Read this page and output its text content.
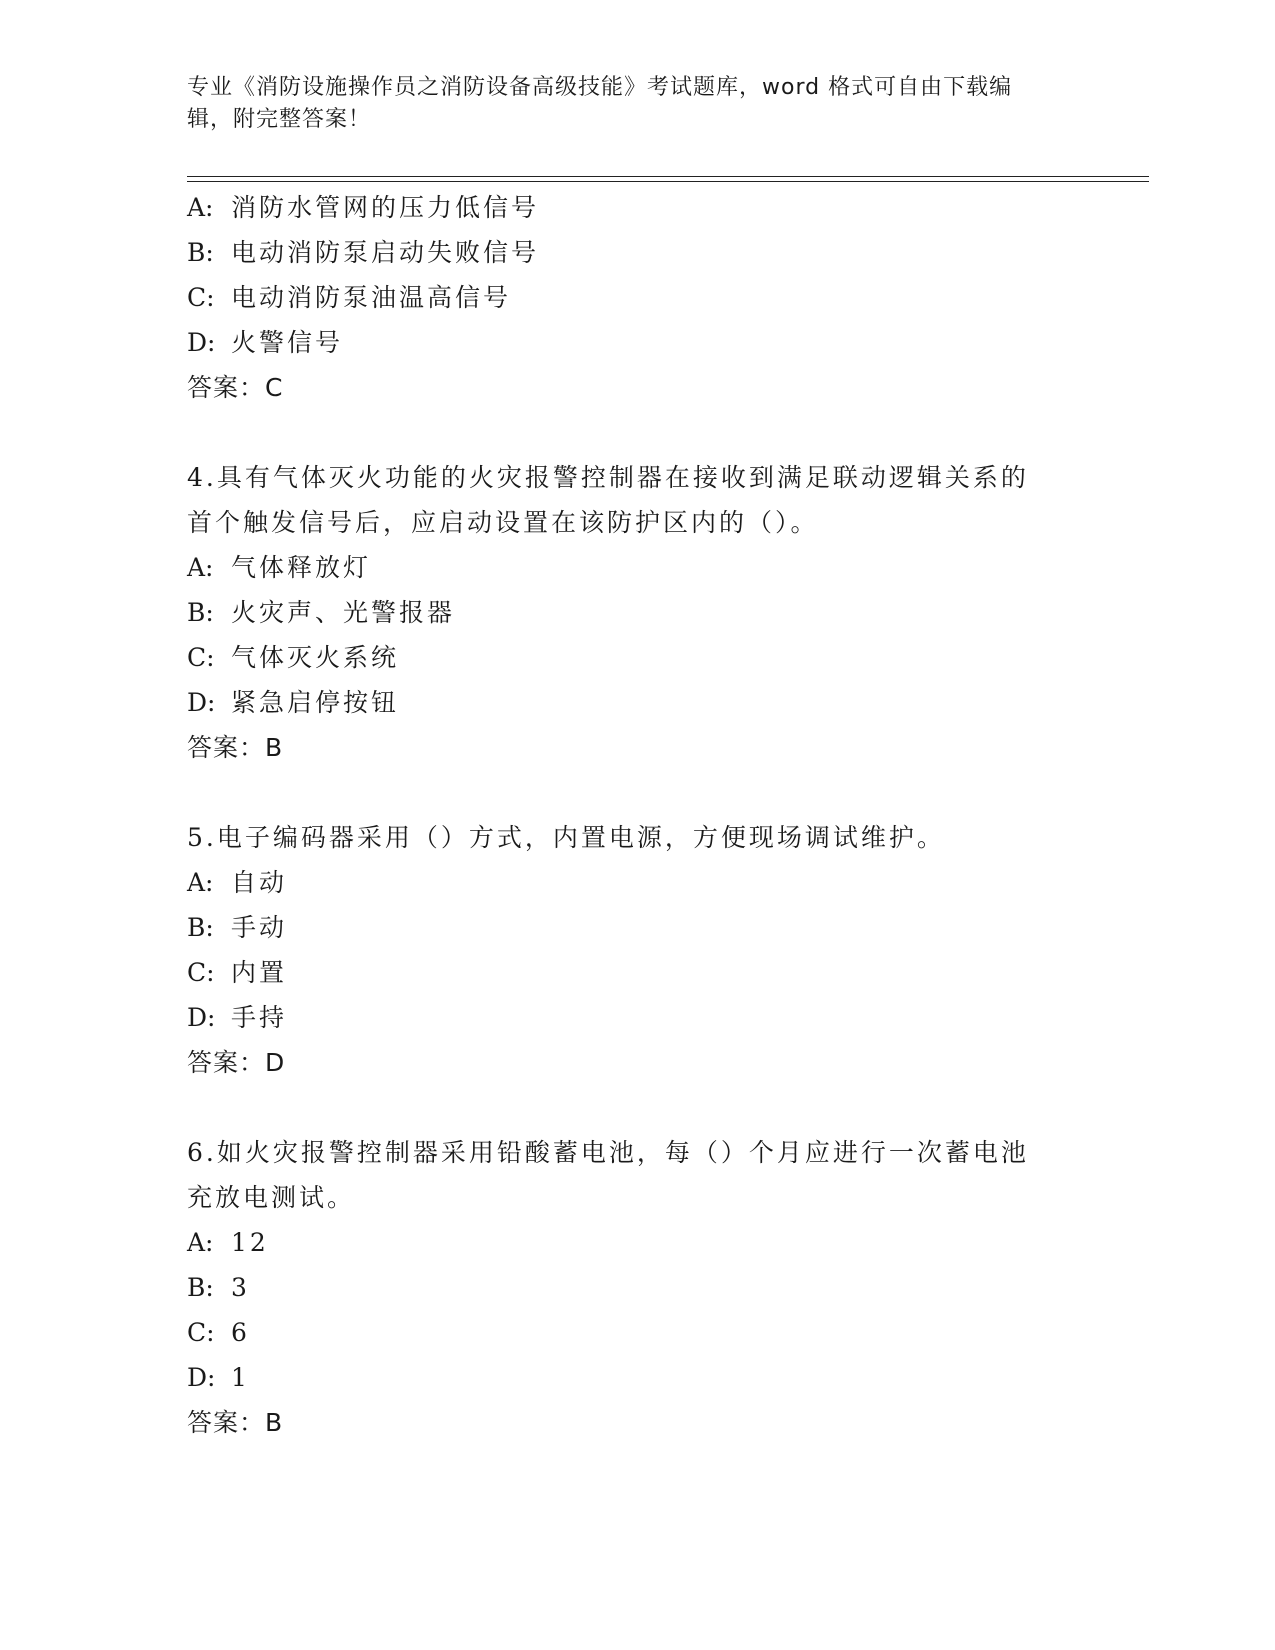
专业《消防设施操作员之消防设备高级技能》考试题库，word 格式可自由下载编
辑，附完整答案！
A: 消防水管网的压力低信号
B: 电动消防泵启动失败信号
C: 电动消防泵油温高信号
D: 火警信号
答案：C
4.具有气体灭火功能的火灾报警控制器在接收到满足联动逻辑关系的
首个触发信号后，应启动设置在该防护区内的（）。
A: 气体释放灯
B: 火灾声、光警报器
C: 气体灭火系统
D: 紧急启停按钮
答案：B
5.电子编码器采用（）方式，内置电源，方便现场调试维护。
A: 自动
B: 手动
C: 内置
D: 手持
答案：D
6.如火灾报警控制器采用铅酸蓄电池，每（）个月应进行一次蓄电池
充放电测试。
A: 12
B: 3
C: 6
D: 1
答案：B
